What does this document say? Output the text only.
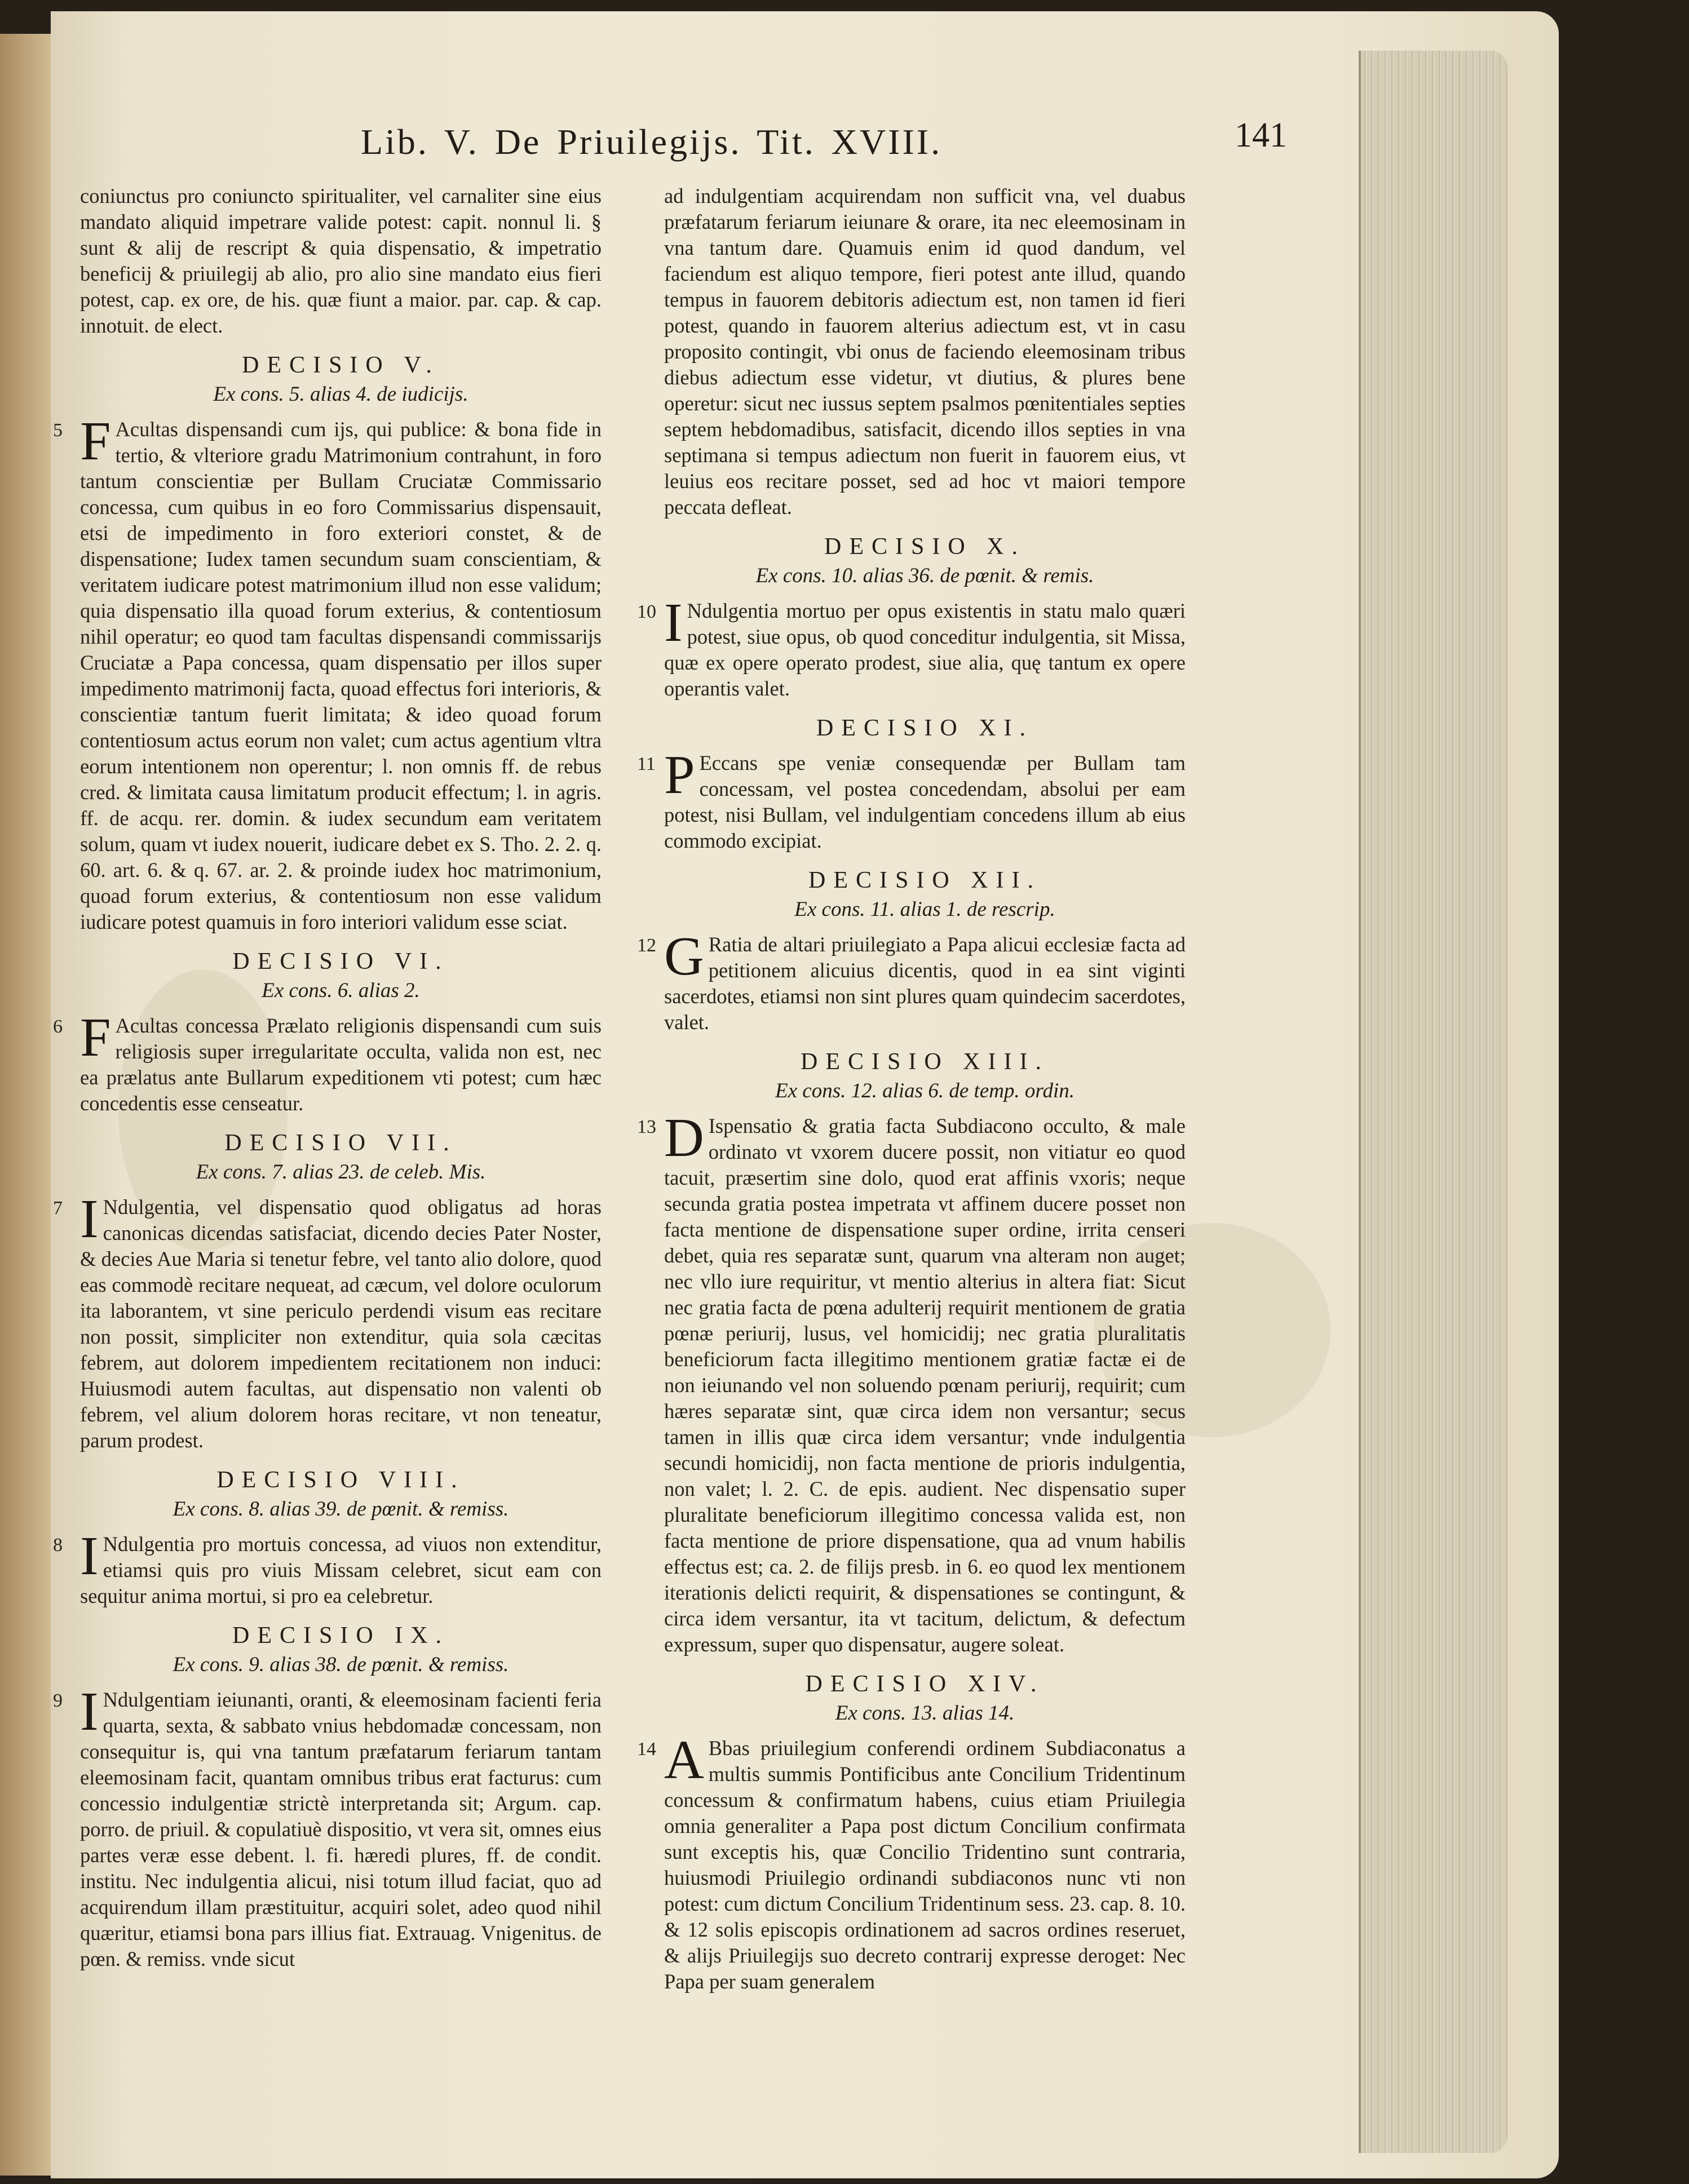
Lib. V. De Priuilegijs. Tit. XVIII.	141
coniunctus pro coniuncto spiritualiter, vel carnaliter sine eius mandato aliquid impetrare valide potest: capit. nonnul li. § sunt & alij de rescript & quia dispensatio, & impetratio beneficij & priuilegij ab alio, pro alio sine mandato eius fieri potest, cap. ex ore, de his. quæ fiunt a maior. par. cap. & cap. innotuit. de elect.
DECISIO V.
Ex cons. 5. alias 4. de iudicijs.
5 F Acultas dispensandi cum ijs, qui publice: & bona fide in tertio, & vlteriore gradu Matrimonium contrahunt, in foro tantum conscientiæ per Bullam Cruciatæ Commissario concessa, cum quibus in eo foro Commissarius dispensauit, etsi de impedimento in foro exteriori constet, & de dispensatione; Iudex tamen secundum suam conscientiam, & veritatem iudicare potest matrimonium illud non esse validum; quia dispensatio illa quoad forum exterius, & contentiosum nihil operatur; eo quod tam facultas dispensandi commissarijs Cruciatæ a Papa concessa, quam dispensatio per illos super impedimento matrimonij facta, quoad effectus fori interioris, & conscientiæ tantum fuerit limitata; & ideo quoad forum contentiosum actus eorum non valet; cum actus agentium vltra eorum intentionem non operentur; l. non omnis ff. de rebus cred. & limitata causa limitatum producit effectum; l. in agris. ff. de acqu. rer. domin. & iudex secundum eam veritatem solum, quam vt iudex nouerit, iudicare debet ex S. Tho. 2. 2. q. 60. art. 6. & q. 67. ar. 2. & proinde iudex hoc matrimonium, quoad forum exterius, & contentiosum non esse validum iudicare potest quamuis in foro interiori validum esse sciat.
DECISIO VI.
Ex cons. 6. alias 2.
6 F Acultas concessa Prælato religionis dispensandi cum suis religiosis super irregularitate occulta, valida non est, nec ea prælatus ante Bullarum expeditionem vti potest; cum hæc concedentis esse censeatur.
DECISIO VII.
Ex cons. 7. alias 23. de celeb. Mis.
7 I Ndulgentia, vel dispensatio quod obligatus ad horas canonicas dicendas satisfaciat, dicendo decies Pater Noster, & decies Aue Maria si tenetur febre, vel tanto alio dolore, quod eas commodè recitare nequeat, ad cæcum, vel dolore oculorum ita laborantem, vt sine periculo perdendi visum eas recitare non possit, simpliciter non extenditur, quia sola cæcitas febrem, aut dolorem impedientem recitationem non induci: Huiusmodi autem facultas, aut dispensatio non valenti ob febrem, vel alium dolorem horas recitare, vt non teneatur, parum prodest.
DECISIO VIII.
Ex cons. 8. alias 39. de pœnit. & remiss.
8 I Ndulgentia pro mortuis concessa, ad viuos non extenditur, etiamsi quis pro viuis Missam celebret, sicut eam con sequitur anima mortui, si pro ea celebretur.
DECISIO IX.
Ex cons. 9. alias 38. de pœnit. & remiss.
9 I Ndulgentiam ieiunanti, oranti, & eleemosinam facienti feria quarta, sexta, & sabbato vnius hebdomadæ concessam, non consequitur is, qui vna tantum præfatarum feriarum tantam eleemosinam facit, quantam omnibus tribus erat facturus: cum concessio indulgentiæ strictè interpretanda sit; Argum. cap. porro. de priuil. & copulatiuè dispositio, vt vera sit, omnes eius partes veræ esse debent. l. fi. hæredi plures, ff. de condit. institu. Nec indulgentia alicui, nisi totum illud faciat, quo ad acquirendum illam præstituitur, acquiri solet, adeo quod nihil quæritur, etiamsi bona pars illius fiat. Extrauag. Vnigenitus. de pœn. & remiss. vnde sicut
ad indulgentiam acquirendam non sufficit vna, vel duabus præfatarum feriarum ieiunare & orare, ita nec eleemosinam in vna tantum dare. Quamuis enim id quod dandum, vel faciendum est aliquo tempore, fieri potest ante illud, quando tempus in fauorem debitoris adiectum est, non tamen id fieri potest, quando in fauorem alterius adiectum est, vt in casu proposito contingit, vbi onus de faciendo eleemosinam tribus diebus adiectum esse videtur, vt diutius, & plures bene operetur: sicut nec iussus septem psalmos pœnitentiales septies septem hebdomadibus, satisfacit, dicendo illos septies in vna septimana si tempus adiectum non fuerit in fauorem eius, vt leuius eos recitare posset, sed ad hoc vt maiori tempore peccata defleat.
DECISIO X.
Ex cons. 10. alias 36. de pœnit. & remis.
10 I Ndulgentia mortuo per opus existentis in statu malo quæri potest, siue opus, ob quod conceditur indulgentia, sit Missa, quæ ex opere operato prodest, siue alia, quę tantum ex opere operantis valet.
DECISIO XI.
11 P Eccans spe veniæ consequendæ per Bullam tam concessam, vel postea concedendam, absolui per eam potest, nisi Bullam, vel indulgentiam concedens illum ab eius commodo excipiat.
DECISIO XII.
Ex cons. 11. alias 1. de rescrip.
12 G Ratia de altari priuilegiato a Papa alicui ecclesiæ facta ad petitionem alicuius dicentis, quod in ea sint viginti sacerdotes, etiamsi non sint plures quam quindecim sacerdotes, valet.
DECISIO XIII.
Ex cons. 12. alias 6. de temp. ordin.
13 D Ispensatio & gratia facta Subdiacono occulto, & male ordinato vt vxorem ducere possit, non vitiatur eo quod tacuit, præsertim sine dolo, quod erat affinis vxoris; neque secunda gratia postea impetrata vt affinem ducere posset non facta mentione de dispensatione super ordine, irrita censeri debet, quia res separatæ sunt, quarum vna alteram non auget; nec vllo iure requiritur, vt mentio alterius in altera fiat: Sicut nec gratia facta de pœna adulterij requirit mentionem de gratia pœnæ periurij, lusus, vel homicidij; nec gratia pluralitatis beneficiorum facta illegitimo mentionem gratiæ factæ ei de non ieiunando vel non soluendo pœnam periurij, requirit; cum hæres separatæ sint, quæ circa idem non versantur; secus tamen in illis quæ circa idem versantur; vnde indulgentia secundi homicidij, non facta mentione de prioris indulgentia, non valet; l. 2. C. de epis. audient. Nec dispensatio super pluralitate beneficiorum illegitimo concessa valida est, non facta mentione de priore dispensatione, qua ad vnum habilis effectus est; ca. 2. de filijs presb. in 6. eo quod lex mentionem iterationis delicti requirit, & dispensationes se contingunt, & circa idem versantur, ita vt tacitum, delictum, & defectum expressum, super quo dispensatur, augere soleat.
DECISIO XIV.
Ex cons. 13. alias 14.
14 A Bbas priuilegium conferendi ordinem Subdiaconatus a multis summis Pontificibus ante Concilium Tridentinum concessum & confirmatum habens, cuius etiam Priuilegia omnia generaliter a Papa post dictum Concilium confirmata sunt exceptis his, quæ Concilio Tridentino sunt contraria, huiusmodi Priuilegio ordinandi subdiaconos nunc vti non potest: cum dictum Concilium Tridentinum sess. 23. cap. 8. 10. & 12 solis episcopis ordinationem ad sacros ordines reseruet, & alijs Priuilegijs suo decreto contrarij expresse deroget: Nec Papa per suam generalem
